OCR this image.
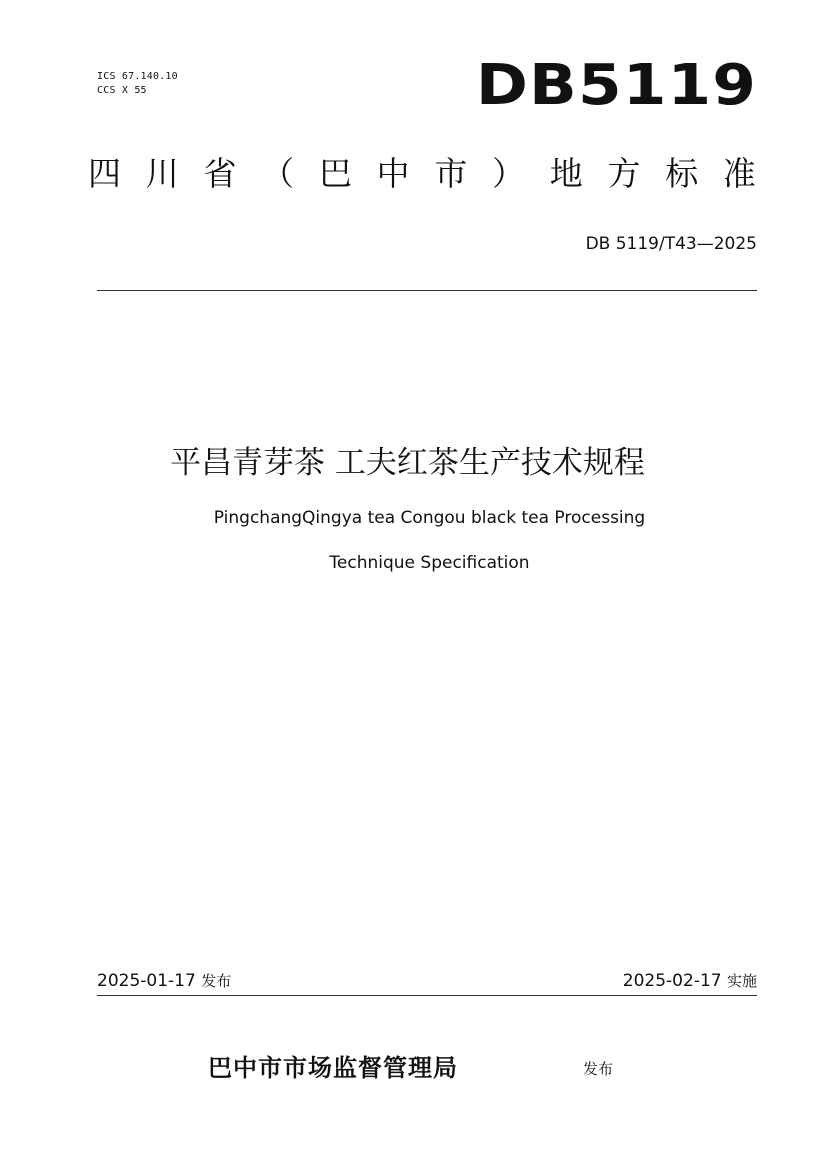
ICS 67.140.10
CCS X 55	DB5119
四 川 省 （ 巴 中 市 ） 地 方 标 准
DB 5119/T43—2025
平昌青芽茶 工夫红茶生产技术规程
PingchangQingya tea Congou black tea Processing
Technique Specification
2025-01-17 发布	2025-02-17 实施
巴中市市场监督管理局	发布
